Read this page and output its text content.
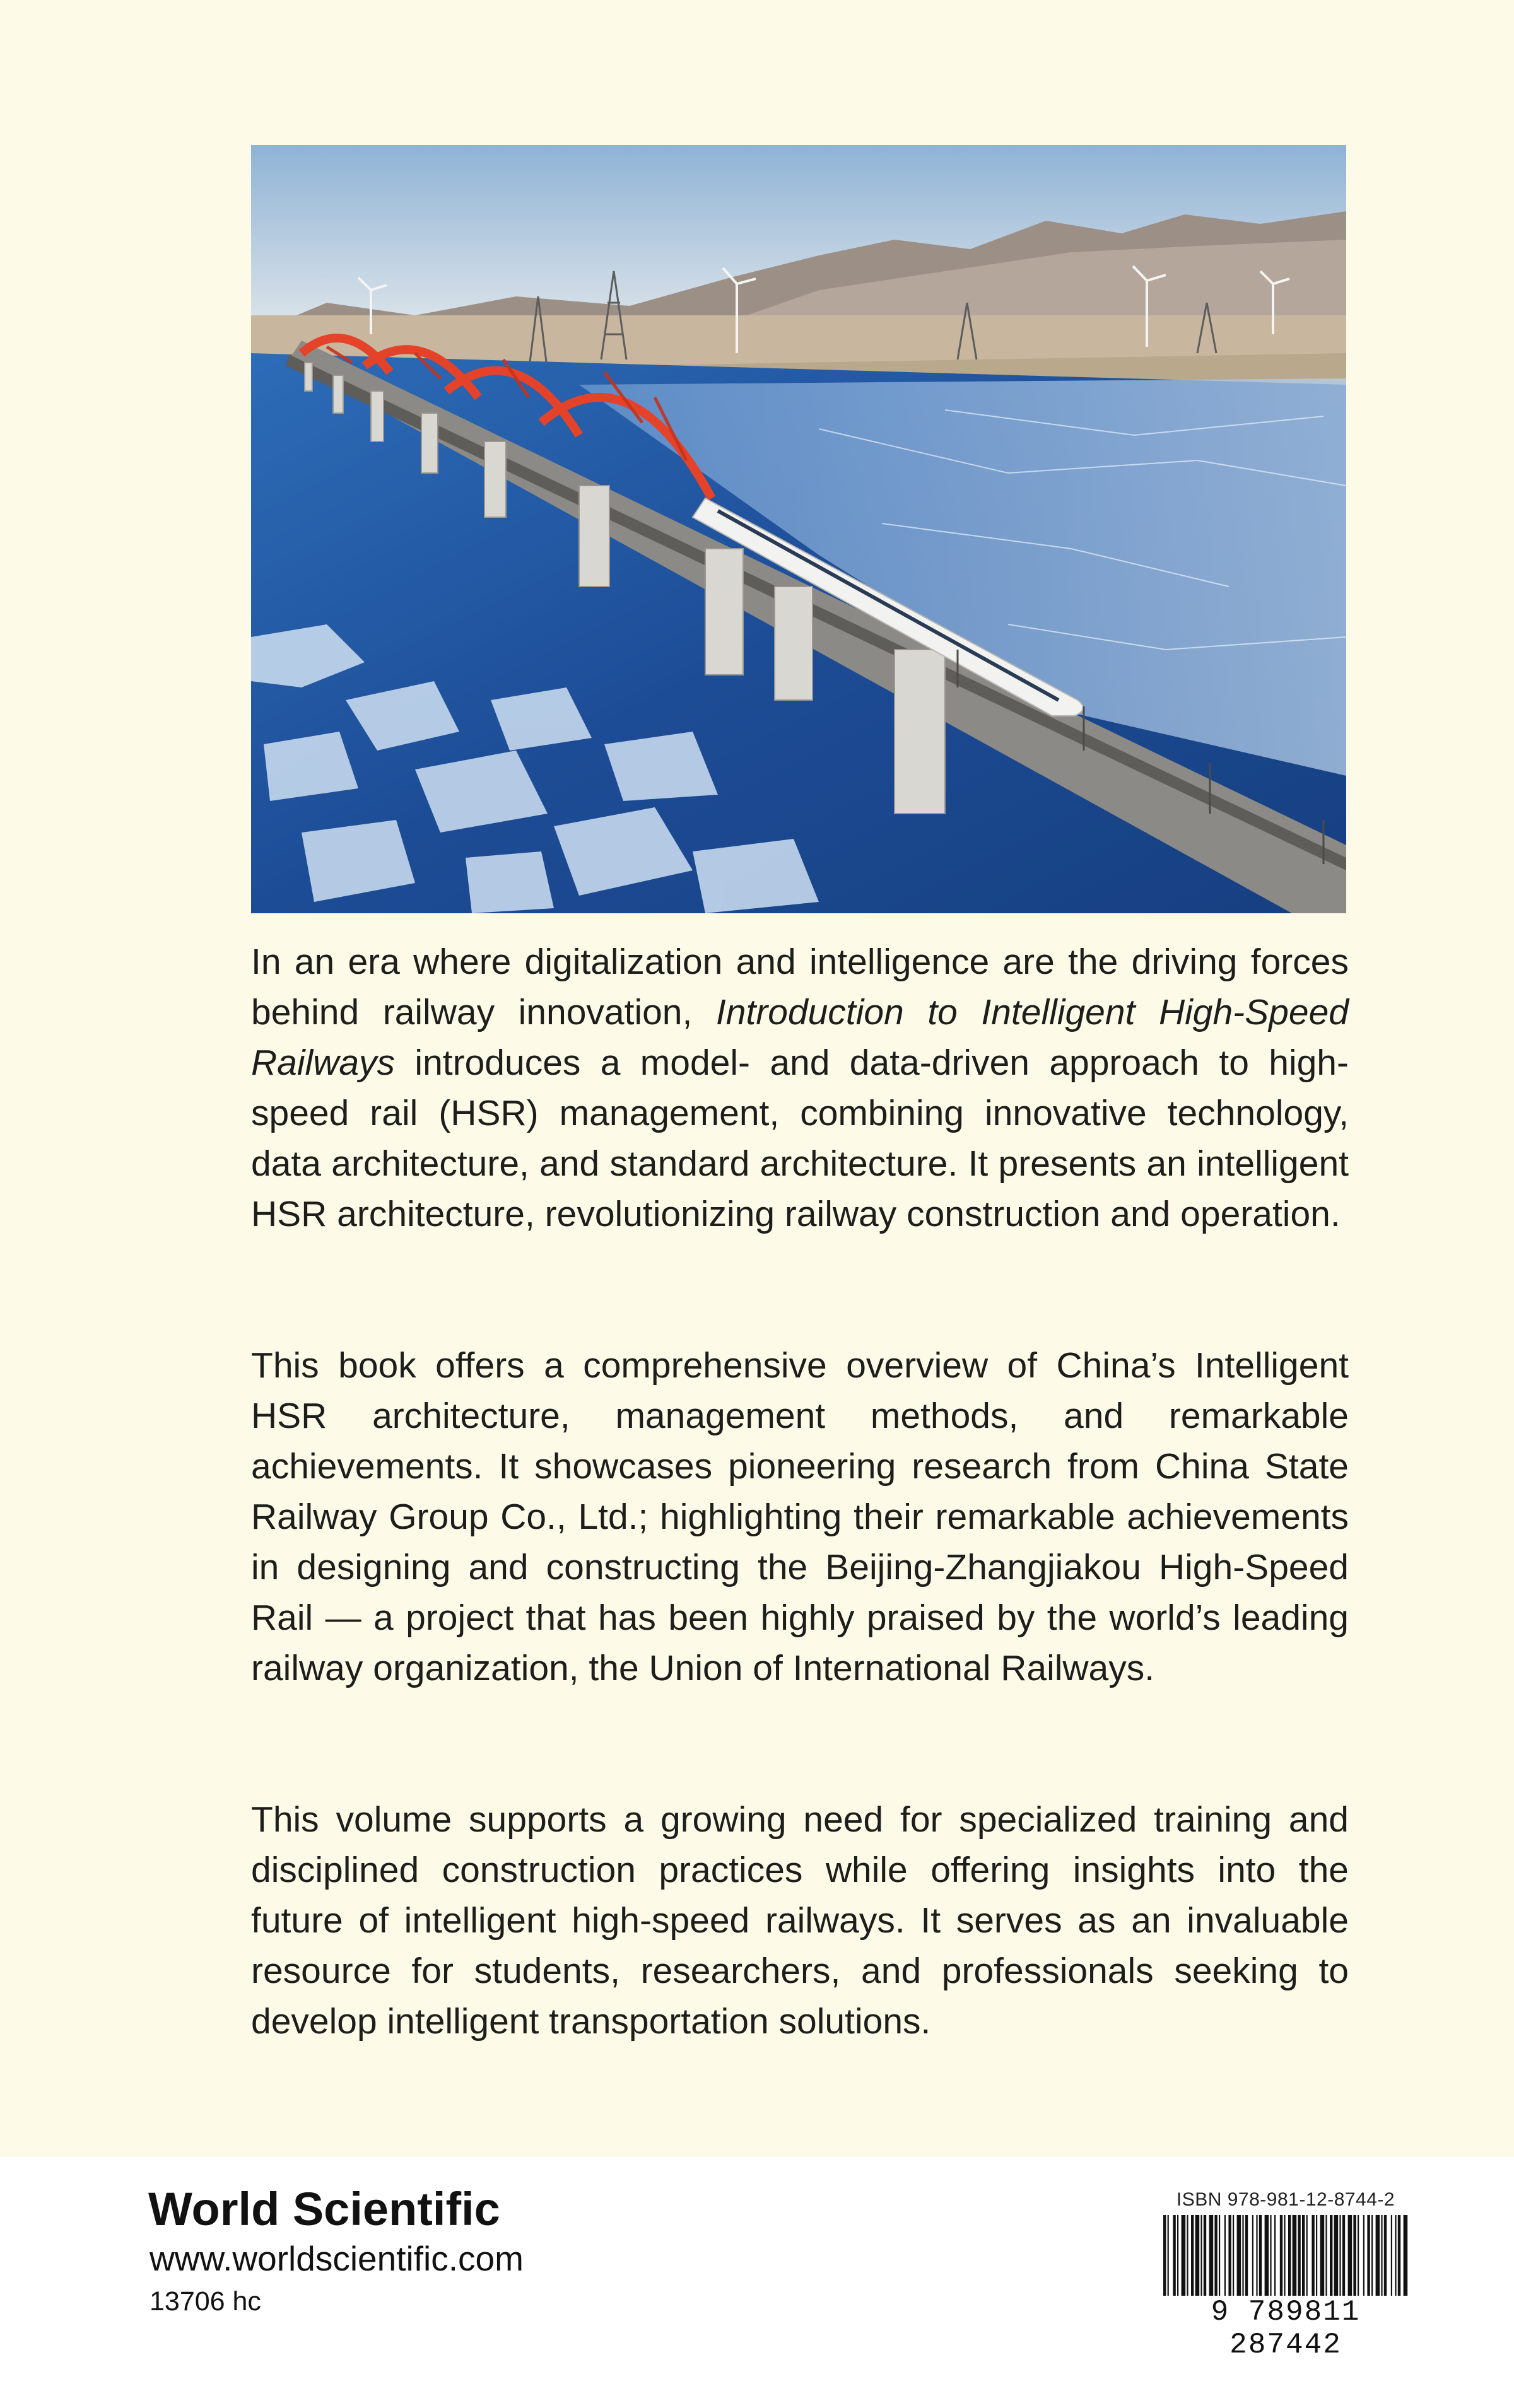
In an era where digitalization and intelligence are the driving forces behind railway innovation, Introduction to Intelligent High-Speed Railways introduces a model- and data-driven approach to high-speed rail (HSR) management, combining innovative technology, data architecture, and standard architecture. It presents an intelligent HSR architecture, revolutionizing railway construction and operation.

This book offers a comprehensive overview of China’s Intelligent HSR architecture, management methods, and remarkable achievements. It showcases pioneering research from China State Railway Group Co., Ltd.; highlighting their remarkable achievements in designing and constructing the Beijing-Zhangjiakou High-Speed Rail — a project that has been highly praised by the world’s leading railway organization, the Union of International Railways.

This volume supports a growing need for specialized training and disciplined construction practices while offering insights into the future of intelligent high-speed railways. It serves as an invaluable resource for students, researchers, and professionals seeking to develop intelligent transportation solutions.

World Scientific
www.worldscientific.com
13706 hc
ISBN 978-981-12-8744-2
9 789811 287442
